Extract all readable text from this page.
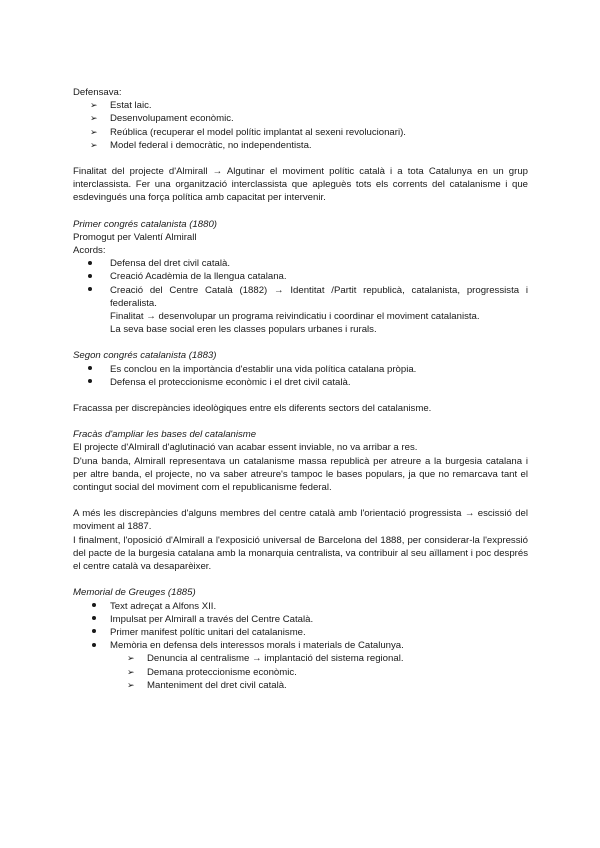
Defensava:

➢ Estat laic.
➢ Desenvolupament econòmic.
➢ Reública (recuperar el model polític implantat al sexeni revolucionari).
➢ Model federal i democràtic, no independentista.

Finalitat del projecte d'Almirall → Algutinar el moviment polític català i a tota Catalunya en un grup interclassista. Fer una organització interclassista que apleguès tots els corrents del catalanisme i que esdevingués una força política amb capacitat per intervenir.

Primer congrés catalanista (1880)

Promogut per Valentí Almirall

Acords:

Defensa del dret civil català.
Creació Acadèmia de la llengua catalana.
Creació del Centre Català (1882) → Identitat /Partit republicà, catalanista, progressista i federalista.

Finalitat → desenvolupar un programa reivindicatiu i coordinar el moviment catalanista.

La seva base social eren les classes populars urbanes i rurals.

Segon congrés catalanista (1883)
Es conclou en la importància d'establir una vida política catalana pròpia.
Defensa el proteccionisme econòmic i el dret civil català.

Fracassa per discrepàncies ideològiques entre els diferents sectors del catalanisme.

Fracàs d'ampliar les bases del catalanisme

El projecte d'Almirall d'aglutinació van acabar essent inviable, no va arribar a res.

D'una banda, Almirall representava un catalanisme massa republicà per atreure a la burgesia catalana i per altre banda, el projecte, no va saber atreure's tampoc le bases populars, ja que no remarcava tant el contingut social del moviment com el republicanisme federal.

A més les discrepàncies d'alguns membres del centre català amb l'orientació progressista → escissió del moviment al 1887.

I finalment, l'oposició d'Almirall a l'exposició universal de Barcelona del 1888, per considerar-la l'expressió del pacte de la burgesia catalana amb la monarquia centralista, va contribuir al seu aïllament i poc després el centre català va desaparèixer.

Memorial de Greuges (1885)
Text adreçat a Alfons XII.
Impulsat per Almirall a través del Centre Català.
Primer manifest polític unitari del catalanisme.
Memòria en defensa dels interessos morals i materials de Catalunya.
➢ Denuncia al centralisme → implantació del sistema regional.
➢ Demana proteccionisme econòmic.
➢ Manteniment del dret civil català.
